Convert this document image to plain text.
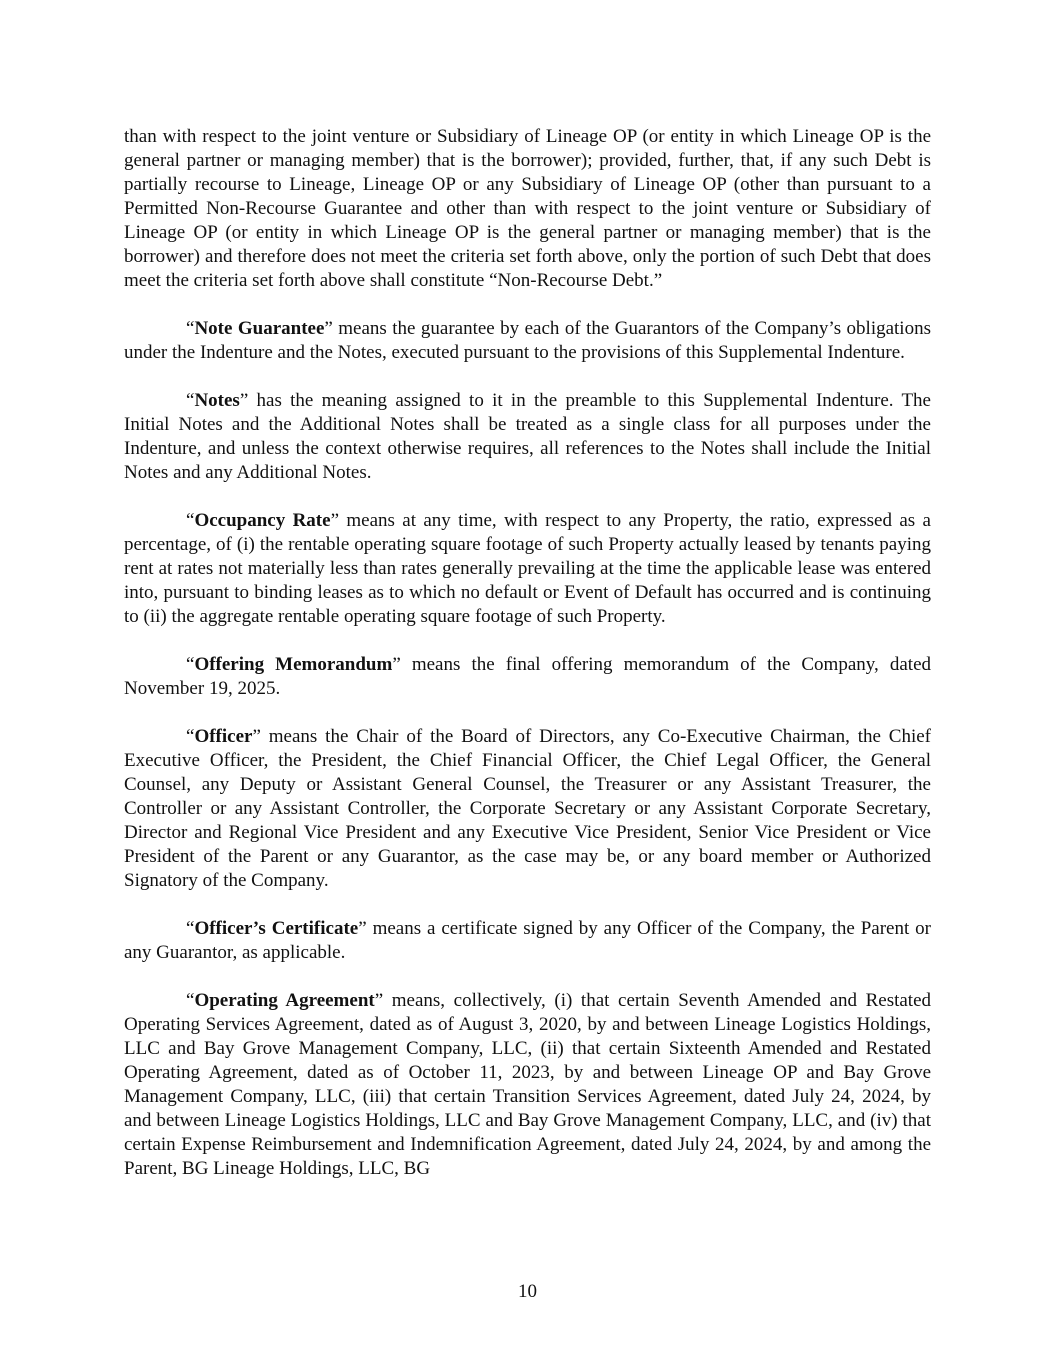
than with respect to the joint venture or Subsidiary of Lineage OP (or entity in which Lineage OP is the general partner or managing member) that is the borrower); provided, further, that, if any such Debt is partially recourse to Lineage, Lineage OP or any Subsidiary of Lineage OP (other than pursuant to a Permitted Non-Recourse Guarantee and other than with respect to the joint venture or Subsidiary of Lineage OP (or entity in which Lineage OP is the general partner or managing member) that is the borrower) and therefore does not meet the criteria set forth above, only the portion of such Debt that does meet the criteria set forth above shall constitute “Non-Recourse Debt.”

“Note Guarantee” means the guarantee by each of the Guarantors of the Company’s obligations under the Indenture and the Notes, executed pursuant to the provisions of this Supplemental Indenture.

“Notes” has the meaning assigned to it in the preamble to this Supplemental Indenture. The Initial Notes and the Additional Notes shall be treated as a single class for all purposes under the Indenture, and unless the context otherwise requires, all references to the Notes shall include the Initial Notes and any Additional Notes.

“Occupancy Rate” means at any time, with respect to any Property, the ratio, expressed as a percentage, of (i) the rentable operating square footage of such Property actually leased by tenants paying rent at rates not materially less than rates generally prevailing at the time the applicable lease was entered into, pursuant to binding leases as to which no default or Event of Default has occurred and is continuing to (ii) the aggregate rentable operating square footage of such Property.

“Offering Memorandum” means the final offering memorandum of the Company, dated November 19, 2025.

“Officer” means the Chair of the Board of Directors, any Co-Executive Chairman, the Chief Executive Officer, the President, the Chief Financial Officer, the Chief Legal Officer, the General Counsel, any Deputy or Assistant General Counsel, the Treasurer or any Assistant Treasurer, the Controller or any Assistant Controller, the Corporate Secretary or any Assistant Corporate Secretary, Director and Regional Vice President and any Executive Vice President, Senior Vice President or Vice President of the Parent or any Guarantor, as the case may be, or any board member or Authorized Signatory of the Company.

“Officer’s Certificate” means a certificate signed by any Officer of the Company, the Parent or any Guarantor, as applicable.

“Operating Agreement” means, collectively, (i) that certain Seventh Amended and Restated Operating Services Agreement, dated as of August 3, 2020, by and between Lineage Logistics Holdings, LLC and Bay Grove Management Company, LLC, (ii) that certain Sixteenth Amended and Restated Operating Agreement, dated as of October 11, 2023, by and between Lineage OP and Bay Grove Management Company, LLC, (iii) that certain Transition Services Agreement, dated July 24, 2024, by and between Lineage Logistics Holdings, LLC and Bay Grove Management Company, LLC, and (iv) that certain Expense Reimbursement and Indemnification Agreement, dated July 24, 2024, by and among the Parent, BG Lineage Holdings, LLC, BG

10
